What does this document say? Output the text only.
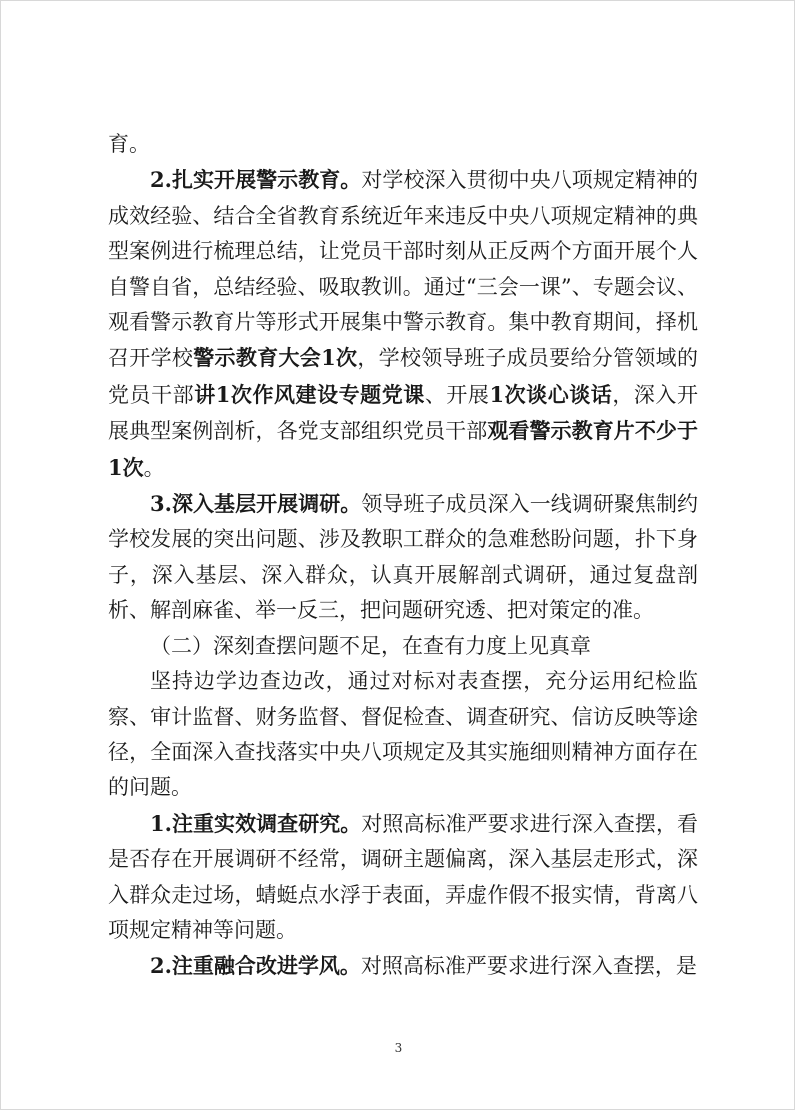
育。

2.扎实开展警示教育。对学校深入贯彻中央八项规定精神的成效经验、结合全省教育系统近年来违反中央八项规定精神的典型案例进行梳理总结，让党员干部时刻从正反两个方面开展个人自警自省，总结经验、吸取教训。通过“三会一课”、专题会议、观看警示教育片等形式开展集中警示教育。集中教育期间，择机召开学校警示教育大会1次，学校领导班子成员要给分管领域的党员干部讲1次作风建设专题党课、开展1次谈心谈话，深入开展典型案例剖析，各党支部组织党员干部观看警示教育片不少于1次。

3.深入基层开展调研。领导班子成员深入一线调研聚焦制约学校发展的突出问题、涉及教职工群众的急难愁盼问题，扑下身子，深入基层、深入群众，认真开展解剖式调研，通过复盘剖析、解剖麻雀、举一反三，把问题研究透、把对策定的准。

（二）深刻查摆问题不足，在查有力度上见真章

坚持边学边查边改，通过对标对表查摆，充分运用纪检监察、审计监督、财务监督、督促检查、调查研究、信访反映等途径，全面深入查找落实中央八项规定及其实施细则精神方面存在的问题。

1.注重实效调查研究。对照高标准严要求进行深入查摆，看是否存在开展调研不经常，调研主题偏离，深入基层走形式，深入群众走过场，蜻蜓点水浮于表面，弄虚作假不报实情，背离八项规定精神等问题。

2.注重融合改进学风。对照高标准严要求进行深入查摆，是

3
